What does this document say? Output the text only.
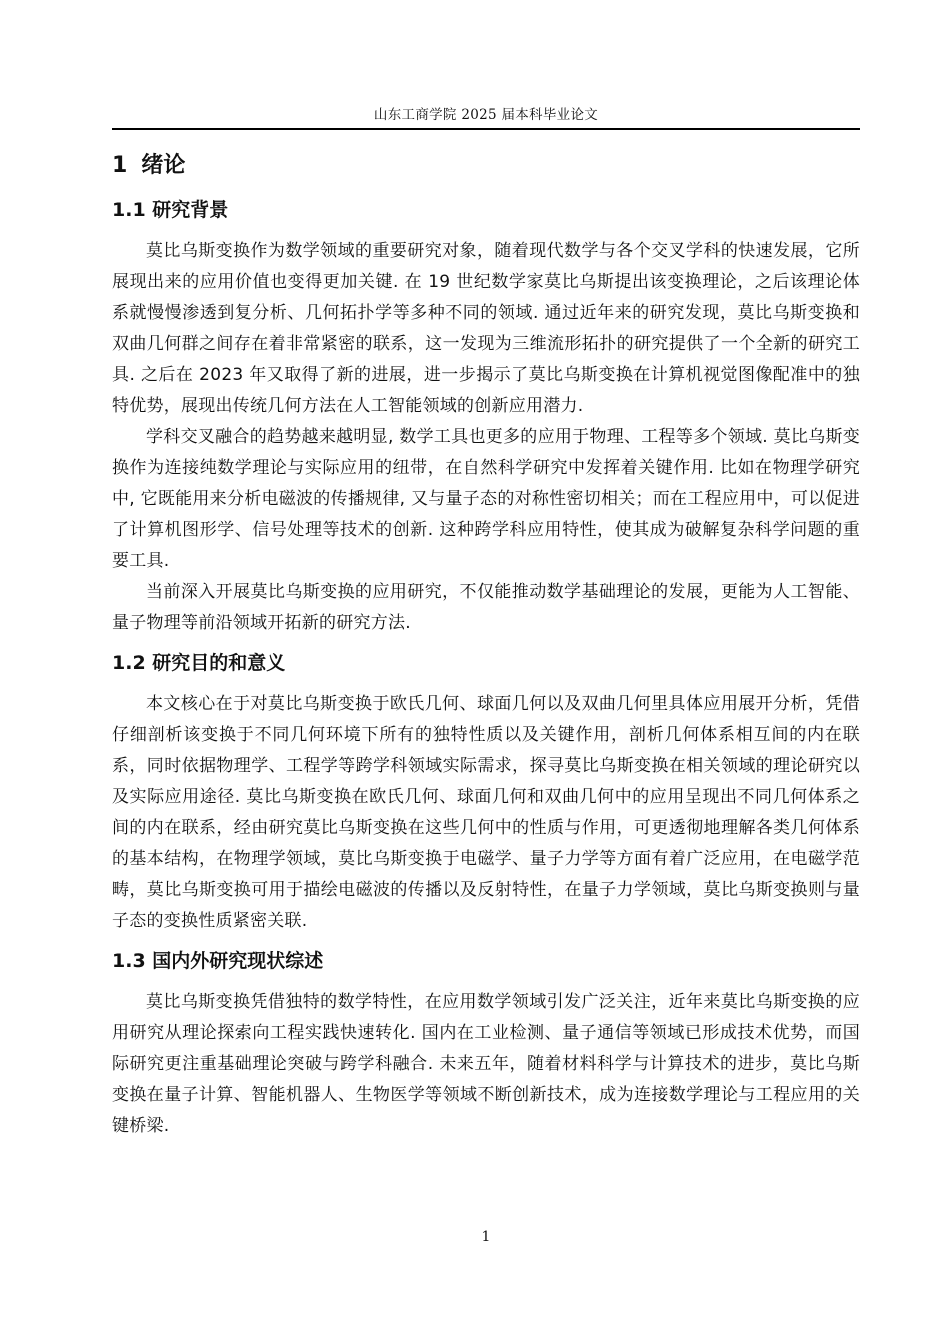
山东工商学院 2025 届本科毕业论文
1 绪论
1.1 研究背景

莫比乌斯变换作为数学领域的重要研究对象，随着现代数学与各个交叉学科的快速发展，它所展现出来的应用价值也变得更加关键. 在 19 世纪数学家莫比乌斯提出该变换理论，之后该理论体系就慢慢渗透到复分析、几何拓扑学等多种不同的领域. 通过近年来的研究发现，莫比乌斯变换和双曲几何群之间存在着非常紧密的联系，这一发现为三维流形拓扑的研究提供了一个全新的研究工具. 之后在 2023 年又取得了新的进展，进一步揭示了莫比乌斯变换在计算机视觉图像配准中的独特优势，展现出传统几何方法在人工智能领域的创新应用潜力.

学科交叉融合的趋势越来越明显, 数学工具也更多的应用于物理、工程等多个领域. 莫比乌斯变换作为连接纯数学理论与实际应用的纽带，在自然科学研究中发挥着关键作用. 比如在物理学研究中, 它既能用来分析电磁波的传播规律, 又与量子态的对称性密切相关；而在工程应用中，可以促进了计算机图形学、信号处理等技术的创新. 这种跨学科应用特性，使其成为破解复杂科学问题的重要工具.

当前深入开展莫比乌斯变换的应用研究，不仅能推动数学基础理论的发展，更能为人工智能、量子物理等前沿领域开拓新的研究方法.

1.2 研究目的和意义

本文核心在于对莫比乌斯变换于欧氏几何、球面几何以及双曲几何里具体应用展开分析，凭借仔细剖析该变换于不同几何环境下所有的独特性质以及关键作用，剖析几何体系相互间的内在联系，同时依据物理学、工程学等跨学科领域实际需求，探寻莫比乌斯变换在相关领域的理论研究以及实际应用途径. 莫比乌斯变换在欧氏几何、球面几何和双曲几何中的应用呈现出不同几何体系之间的内在联系，经由研究莫比乌斯变换在这些几何中的性质与作用，可更透彻地理解各类几何体系的基本结构，在物理学领域，莫比乌斯变换于电磁学、量子力学等方面有着广泛应用，在电磁学范畴，莫比乌斯变换可用于描绘电磁波的传播以及反射特性，在量子力学领域，莫比乌斯变换则与量子态的变换性质紧密关联.

1.3 国内外研究现状综述

莫比乌斯变换凭借独特的数学特性，在应用数学领域引发广泛关注，近年来莫比乌斯变换的应用研究从理论探索向工程实践快速转化. 国内在工业检测、量子通信等领域已形成技术优势，而国际研究更注重基础理论突破与跨学科融合. 未来五年，随着材料科学与计算技术的进步，莫比乌斯变换在量子计算、智能机器人、生物医学等领域不断创新技术，成为连接数学理论与工程应用的关键桥梁.

1
